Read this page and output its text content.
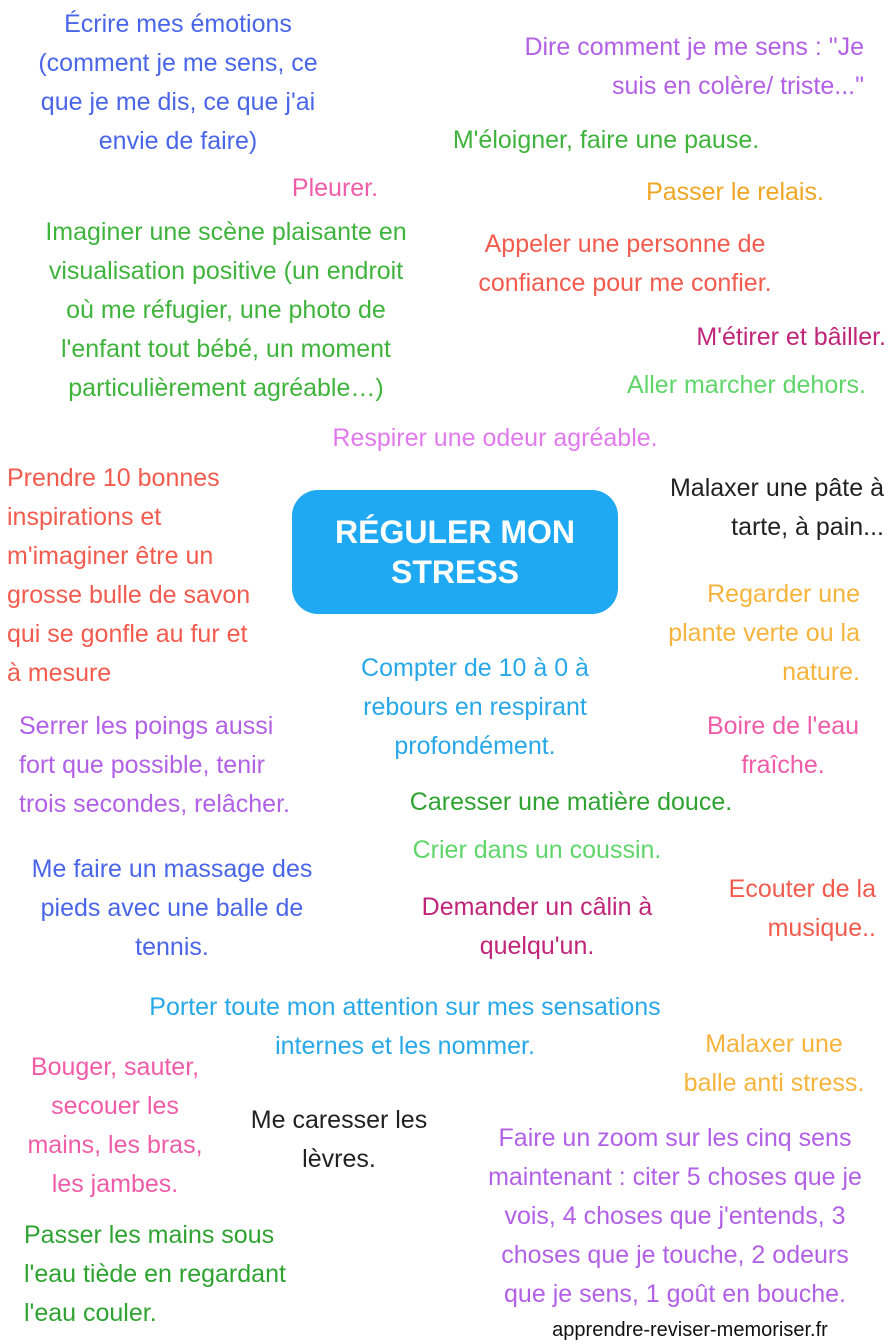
RÉGULER MON
STRESS

Écrire mes émotions
(comment je me sens, ce
que je me dis, ce que j'ai
envie de faire)
Dire comment je me sens : "Je
suis en colère/ triste..."
M'éloigner, faire une pause.
Pleurer.	Passer le relais.
Imaginer une scène plaisante en
visualisation positive (un endroit
où me réfugier, une photo de
l'enfant tout bébé, un moment
particulièrement agréable…)
Appeler une personne de
confiance pour me confier.
M'étirer et bâiller.
Aller marcher dehors.
Respirer une odeur agréable.
Prendre 10 bonnes
inspirations et
m'imaginer être un
grosse bulle de savon
qui se gonfle au fur et
à mesure
Malaxer une pâte à
tarte, à pain...
Regarder une
plante verte ou la
nature.
Compter de 10 à 0 à
rebours en respirant
profondément.
Serrer les poings aussi
fort que possible, tenir
trois secondes, relâcher.
Boire de l'eau
fraîche.
Caresser une matière douce.
Crier dans un coussin.
Me faire un massage des
pieds avec une balle de
tennis.
Demander un câlin à
quelqu'un.
Ecouter de la
musique..
Porter toute mon attention sur mes sensations
internes et les nommer.	Malaxer une
balle anti stress.
Bouger, sauter,
secouer les
mains, les bras,
les jambes.
Me caresser les
lèvres.
Faire un zoom sur les cinq sens
maintenant : citer 5 choses que je
vois, 4 choses que j'entends, 3
choses que je touche, 2 odeurs
que je sens, 1 goût en bouche.
Passer les mains sous
l'eau tiède en regardant
l'eau couler.
apprendre-reviser-memoriser.fr
